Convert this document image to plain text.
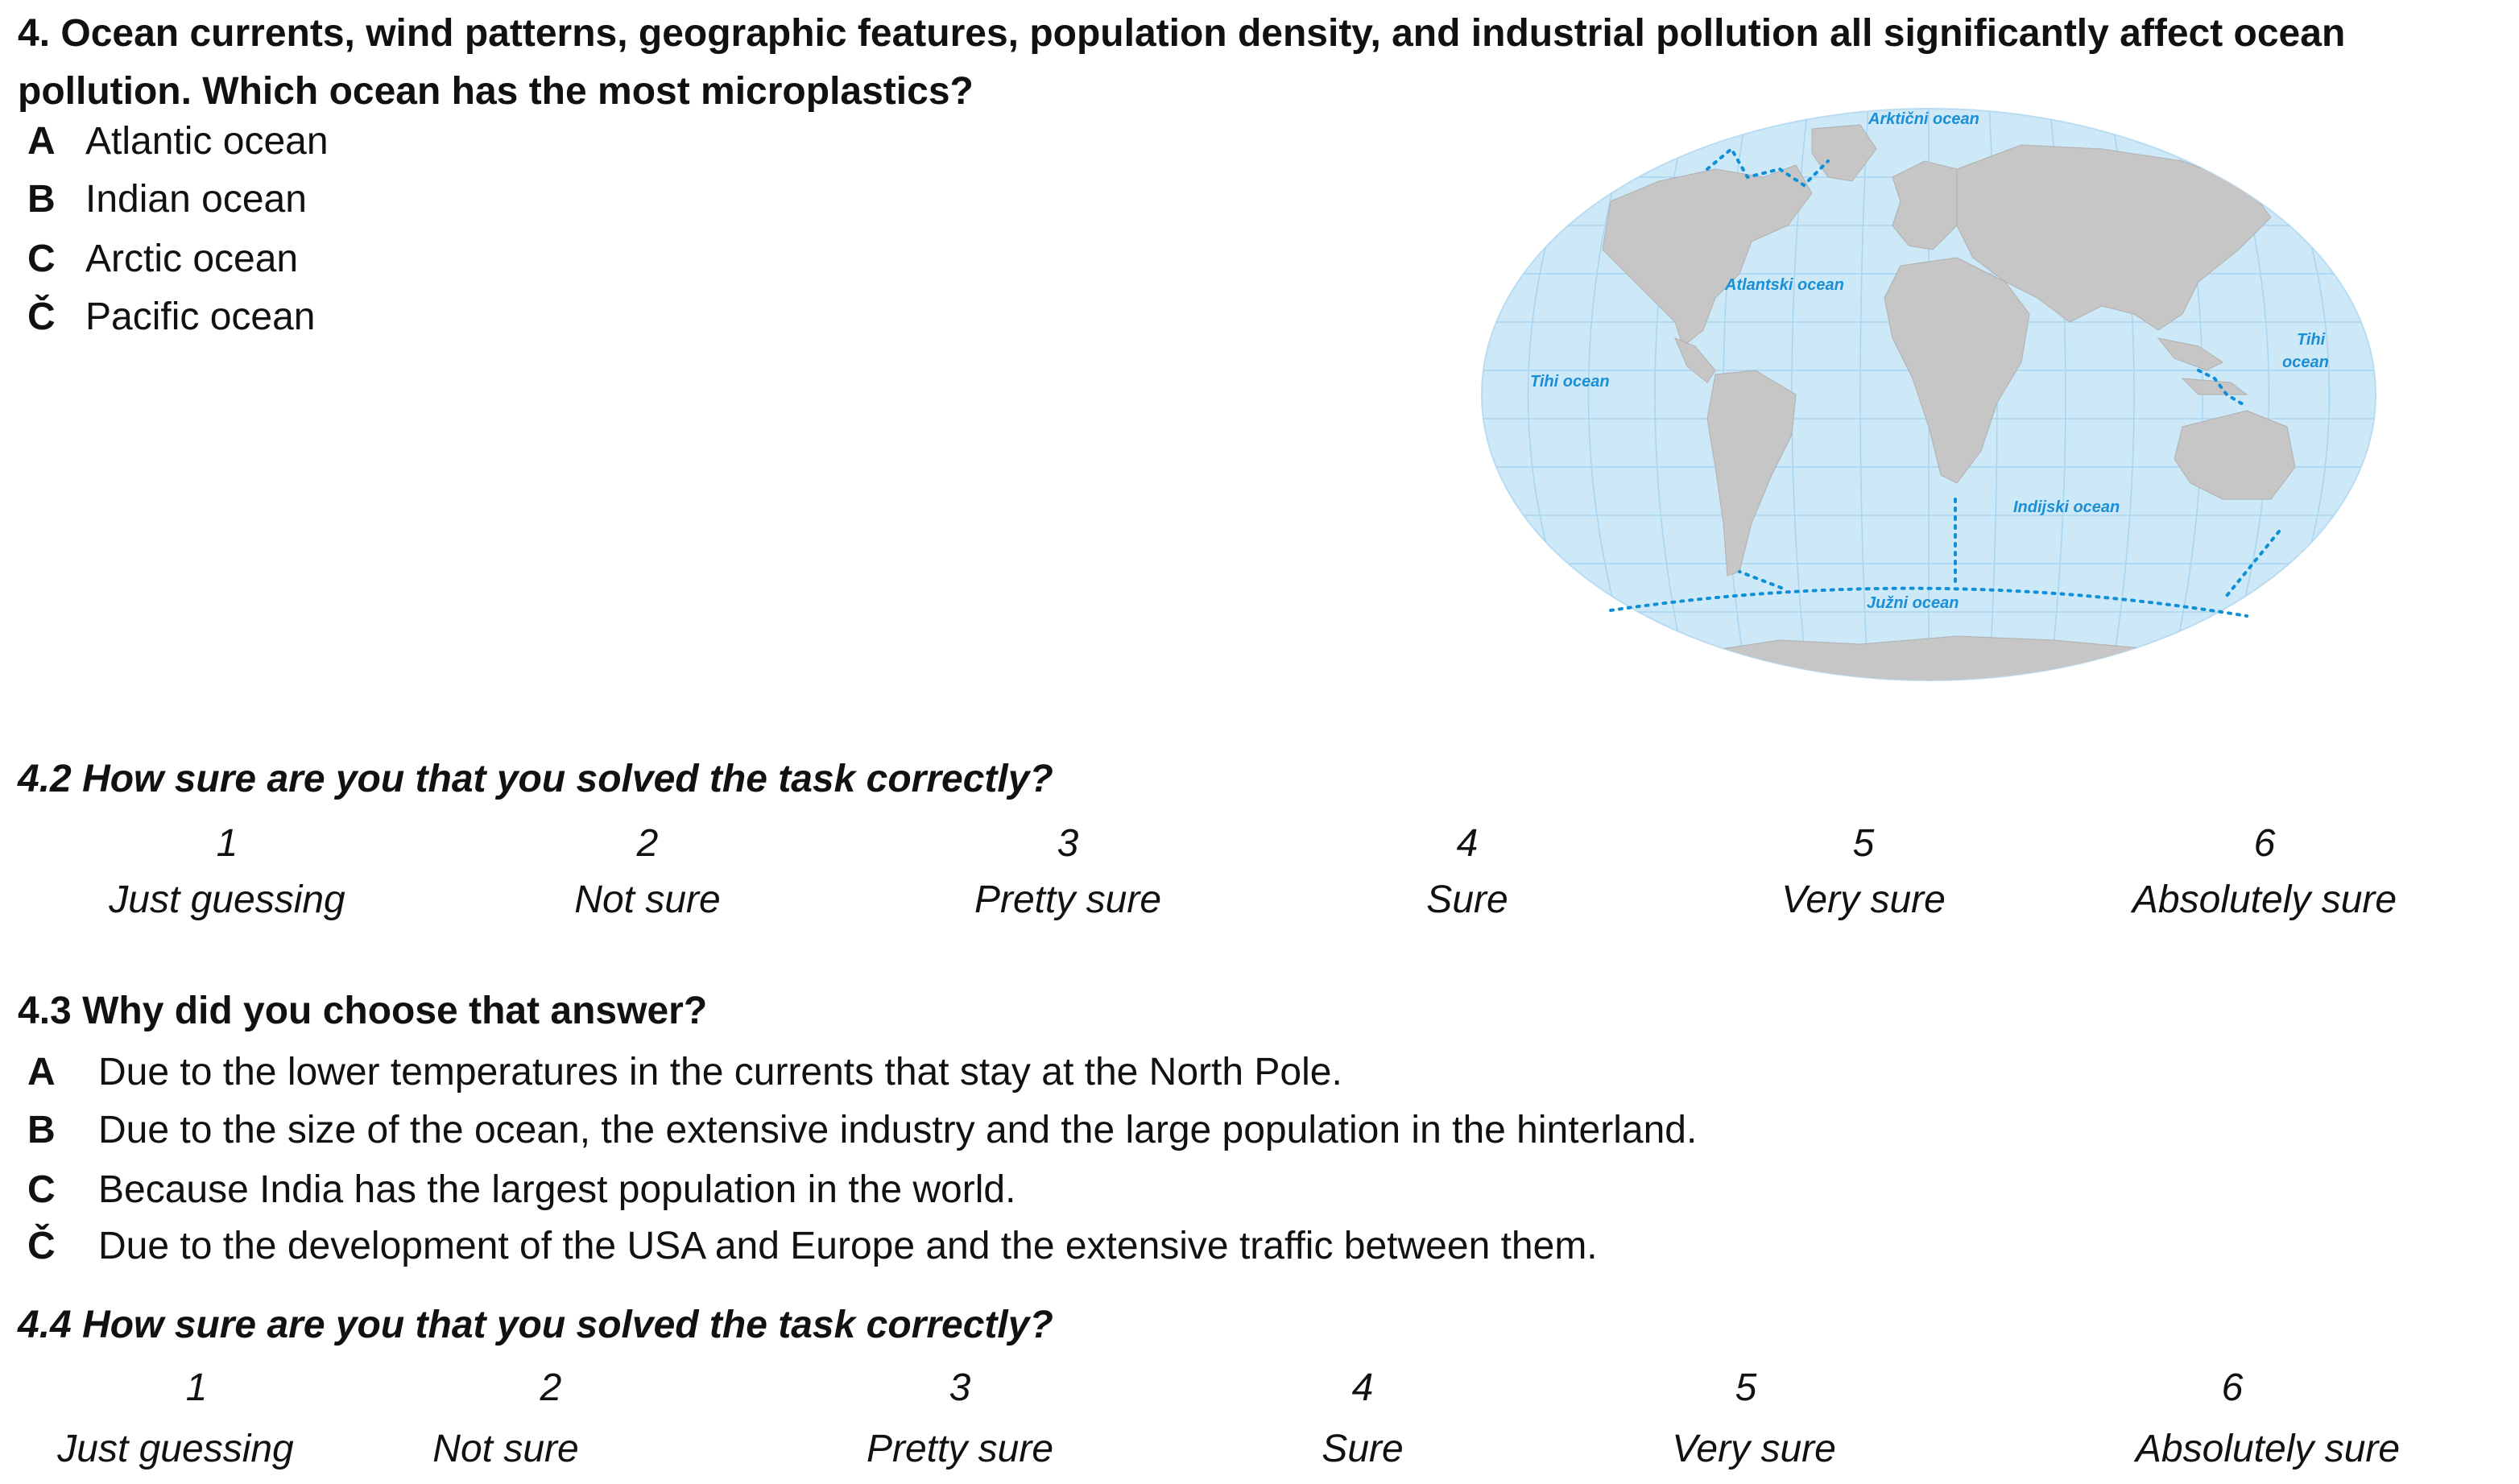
4. Ocean currents, wind patterns, geographic features, population density, and industrial pollution all significantly affect ocean pollution. Which ocean has the most microplastics?
A Atlantic ocean
B Indian ocean
C Arctic ocean
Č Pacific ocean
Arktični ocean
Atlantski ocean
Tihi ocean
Tihi
ocean
Indijski ocean
Južni ocean
4.2 How sure are you that you solved the task correctly?
1	2	3	4	5	6
Just guessing	Not sure	Pretty sure	Sure	Very sure	Absolutely sure
4.3 Why did you choose that answer?
A Due to the lower temperatures in the currents that stay at the North Pole.
B Due to the size of the ocean, the extensive industry and the large population in the hinterland.
C Because India has the largest population in the world.
Č Due to the development of the USA and Europe and the extensive traffic between them.
4.4 How sure are you that you solved the task correctly?
1	2	3	4	5	6
Just guessing	Not sure	Pretty sure	Sure	Very sure	Absolutely sure
